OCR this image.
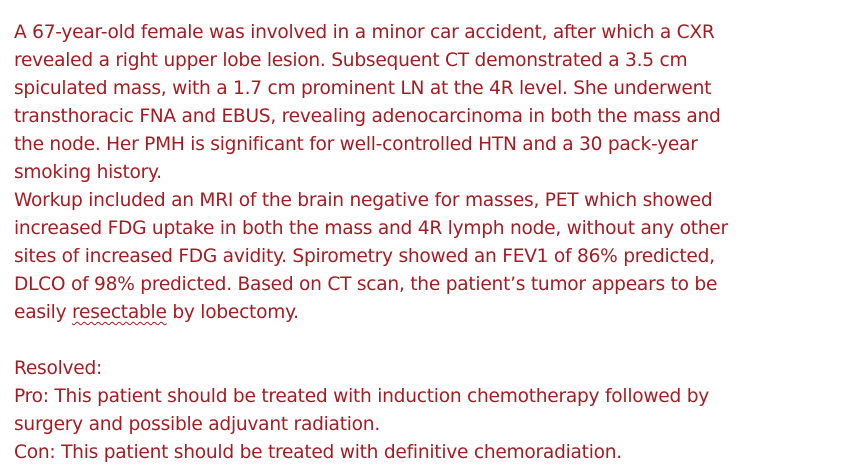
A 67-year-old female was involved in a minor car accident, after which a CXR

revealed a right upper lobe lesion. Subsequent CT demonstrated a 3.5 cm

spiculated mass, with a 1.7 cm prominent LN at the 4R level. She underwent

transthoracic FNA and EBUS, revealing adenocarcinoma in both the mass and

the node. Her PMH is significant for well-controlled HTN and a 30 pack-year

smoking history.

Workup included an MRI of the brain negative for masses, PET which showed

increased FDG uptake in both the mass and 4R lymph node, without any other

sites of increased FDG avidity. Spirometry showed an FEV1 of 86% predicted,

DLCO of 98% predicted. Based on CT scan, the patient’s tumor appears to be

easily resectable by lobectomy.

Resolved:

Pro: This patient should be treated with induction chemotherapy followed by

surgery and possible adjuvant radiation.

Con: This patient should be treated with definitive chemoradiation.
